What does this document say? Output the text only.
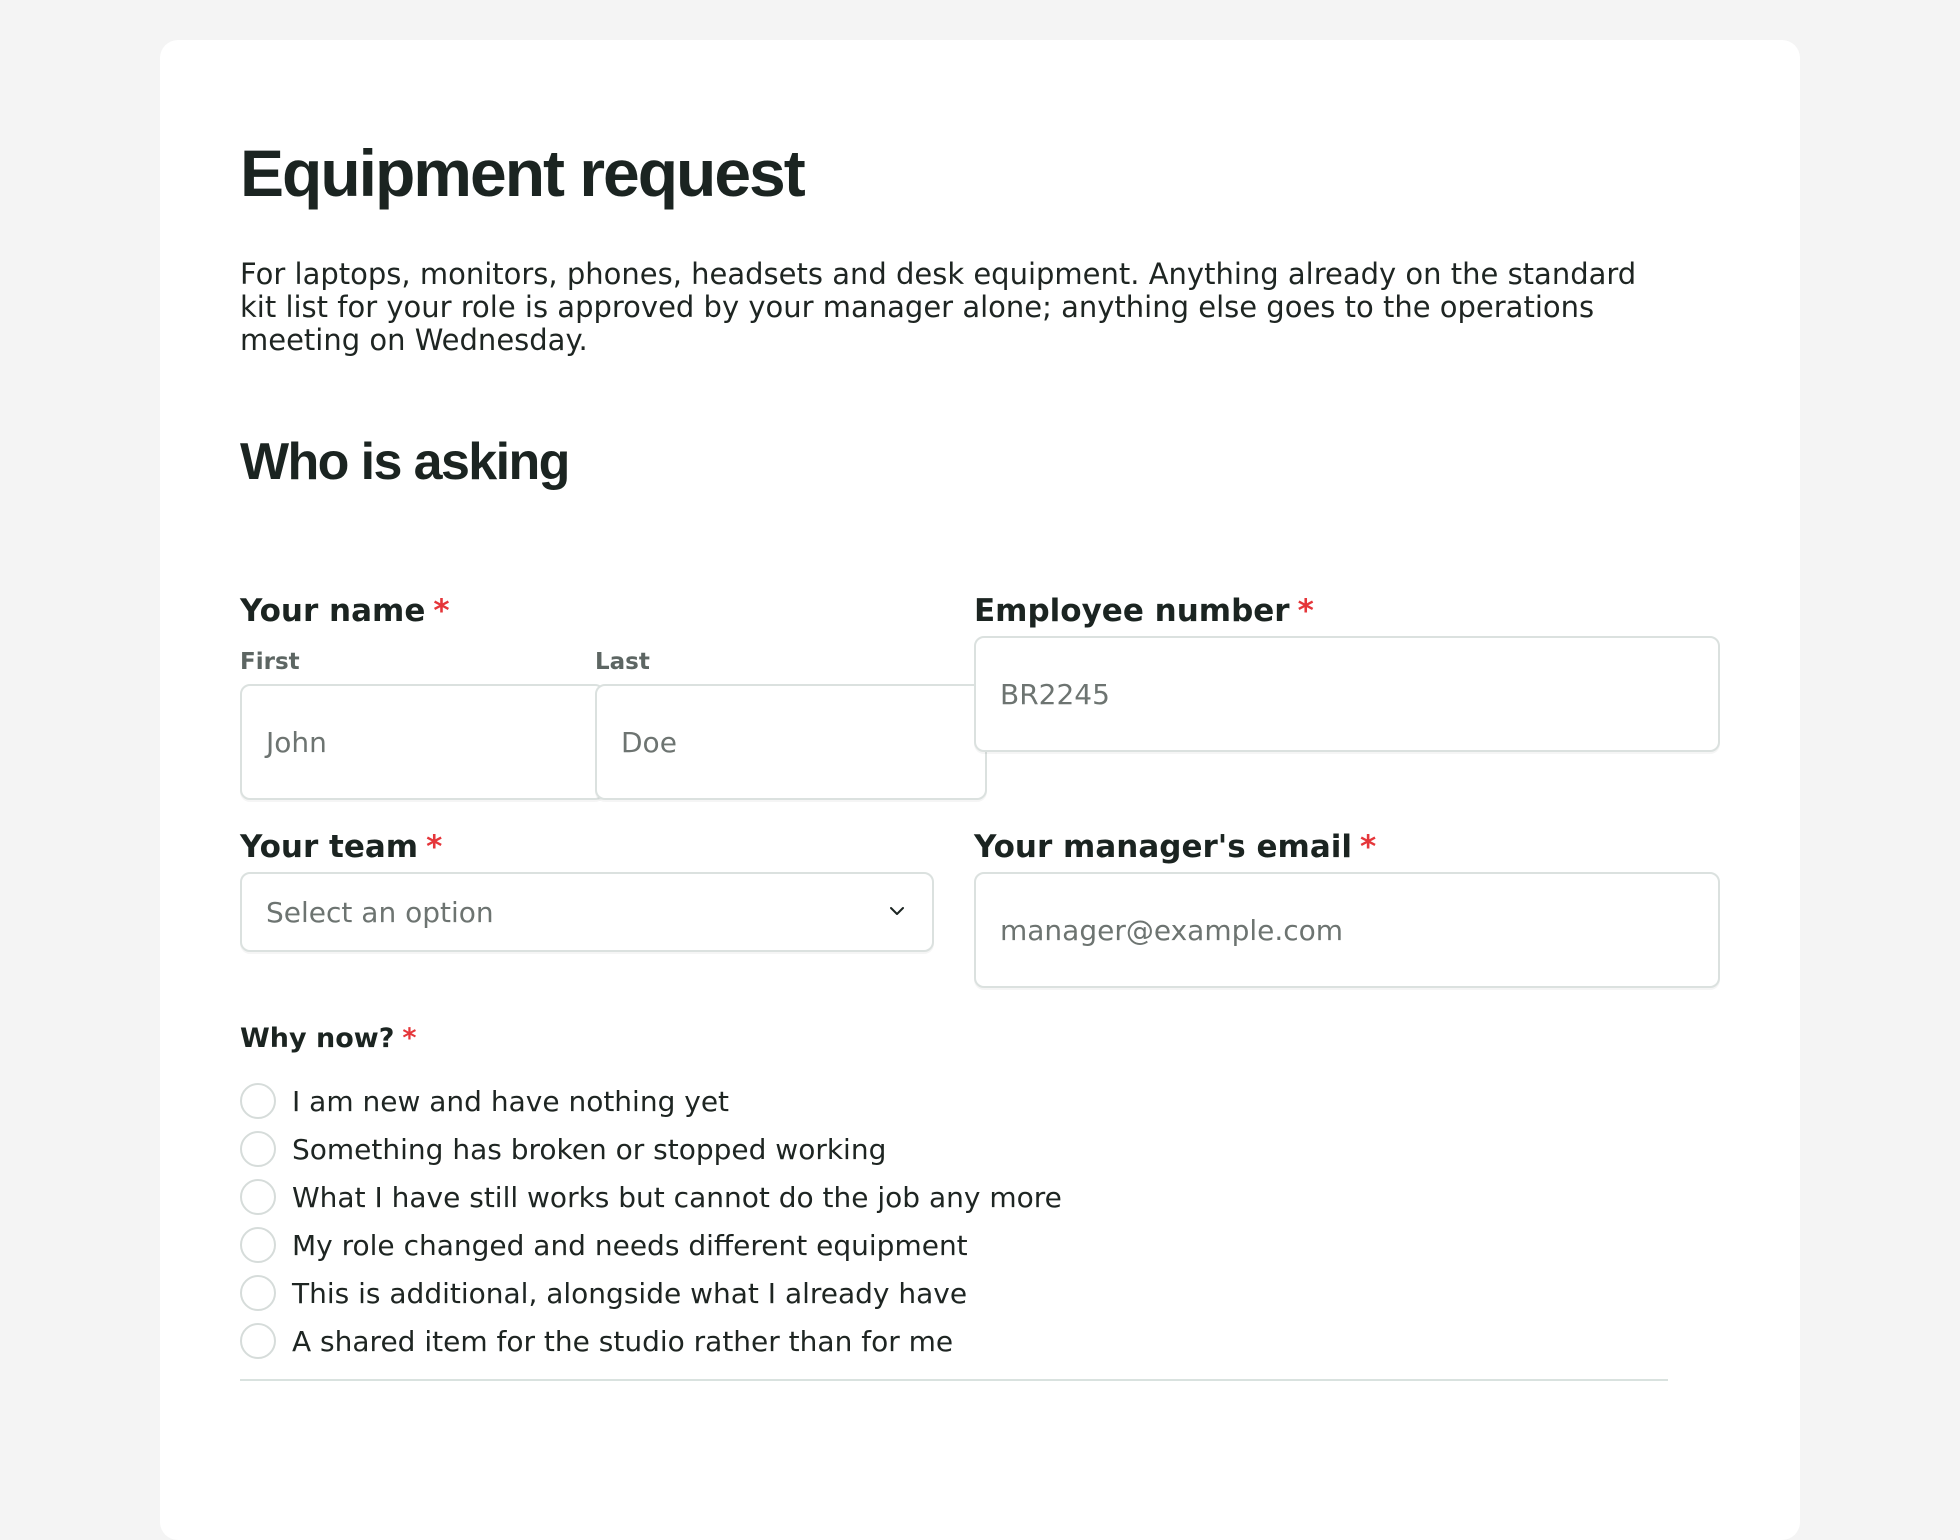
Equipment request

For laptops, monitors, phones, headsets and desk equipment. Anything already on the standard kit list for your role is approved by your manager alone; anything else goes to the operations meeting on Wednesday.

Who is asking
Your name *
First	Last
John	Doe
Employee number *
BR2245
Your team *
Select an option
Your manager's email *
manager@example.com
Why now? *
I am new and have nothing yet
Something has broken or stopped working
What I have still works but cannot do the job any more
My role changed and needs different equipment
This is additional, alongside what I already have
A shared item for the studio rather than for me
